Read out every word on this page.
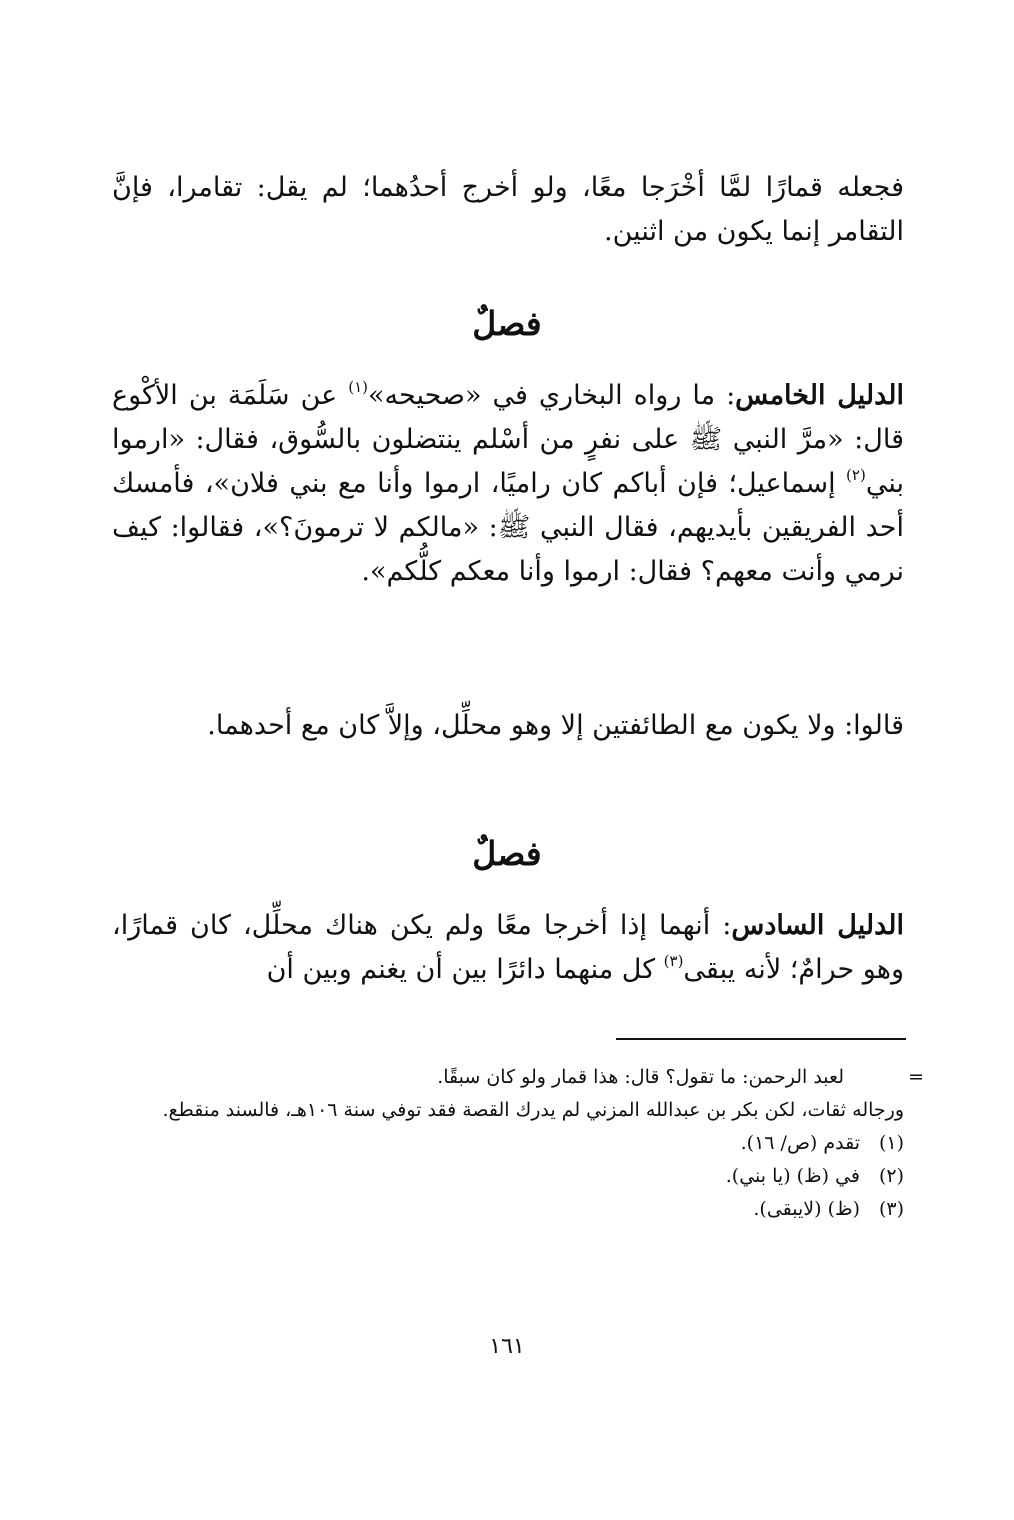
فجعله قمارًا لمَّا أخْرَجا معًا، ولو أخرج أحدُهما؛ لم يقل: تقامرا، فإنَّ التقامر إنما يكون من اثنين.
فصلٌ
الدليل الخامس: ما رواه البخاري في «صحيحه»$^{(١)}$ عن سَلَمَة بن الأكْوع قال: «مرَّ النبي ﷺ على نفرٍ من أسْلم ينتضلون بالسُّوق، فقال: «ارموا بني$^{(٢)}$ إسماعيل؛ فإن أباكم كان راميًا، ارموا وأنا مع بني فلان»، فأمسك أحد الفريقين بأيديهم، فقال النبي ﷺ: «مالكم لا ترمونَ؟»، فقالوا: كيف نرمي وأنت معهم؟ فقال: ارموا وأنا معكم كلُّكم».
قالوا: ولا يكون مع الطائفتين إلا وهو محلِّل، وإلاَّ كان مع أحدهما.
فصلٌ
الدليل السادس: أنهما إذا أخرجا معًا ولم يكن هناك محلِّل، كان قمارًا، وهو حرامٌ؛ لأنه يبقى$^{(٣)}$ كل منهما دائرًا بين أن يغنم وبين أن
=
لعبد الرحمن: ما تقول؟ قال: هذا قمار ولو كان سبقًا.
ورجاله ثقات، لكن بكر بن عبدالله المزني لم يدرك القصة فقد توفي سنة ١٠٦هـ، فالسند منقطع.
(١)تقدم (ص/ ١٦).
(٢)في (ظ) (يا بني).
(٣)(ظ) (لايبقى).
١٦١
